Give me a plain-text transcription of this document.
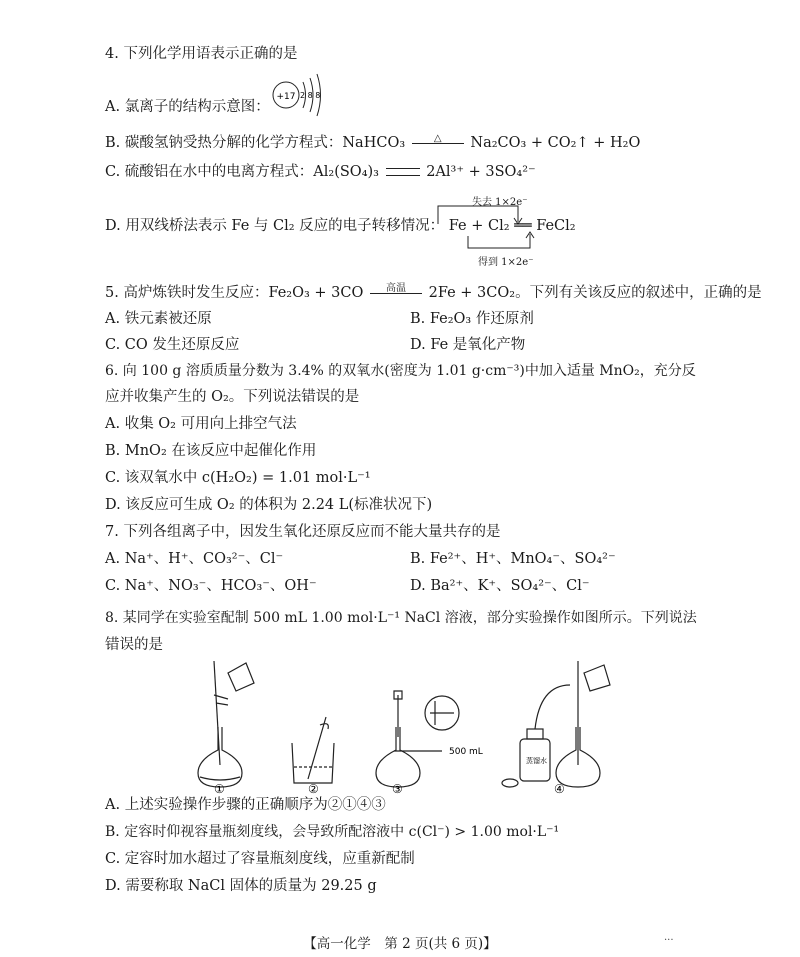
4. 下列化学用语表示正确的是
A. 氯离子的结构示意图：
+17 2 8 8
B. 碳酸氢钠受热分解的化学方程式：NaHCO₃	△	Na₂CO₃ + CO₂↑ + H₂O
C. 硫酸铝在水中的电离方程式：Al₂(SO₄)₃	2Al³⁺ + 3SO₄²⁻
失去 1×2e⁻
D. 用双线桥法表示 Fe 与 Cl₂ 反应的电子转移情况： Fe + Cl₂ ══ FeCl₂
得到 1×2e⁻
5. 高炉炼铁时发生反应：Fe₂O₃ + 3CO	高温	2Fe + 3CO₂。下列有关该反应的叙述中，正确的是
A. 铁元素被还原	B. Fe₂O₃ 作还原剂
C. CO 发生还原反应	D. Fe 是氧化产物
6. 向 100 g 溶质质量分数为 3.4% 的双氧水(密度为 1.01 g·cm⁻³)中加入适量 MnO₂，充分反
应并收集产生的 O₂。下列说法错误的是
A. 收集 O₂ 可用向上排空气法
B. MnO₂ 在该反应中起催化作用
C. 该双氧水中 c(H₂O₂) = 1.01 mol·L⁻¹
D. 该反应可生成 O₂ 的体积为 2.24 L(标准状况下)
7. 下列各组离子中，因发生氧化还原反应而不能大量共存的是
A. Na⁺、H⁺、CO₃²⁻、Cl⁻	B. Fe²⁺、H⁺、MnO₄⁻、SO₄²⁻
C. Na⁺、NO₃⁻、HCO₃⁻、OH⁻	D. Ba²⁺、K⁺、SO₄²⁻、Cl⁻
8. 某同学在实验室配制 500 mL 1.00 mol·L⁻¹ NaCl 溶液，部分实验操作如图所示。下列说法
错误的是
500 mL
蒸馏水
①	②	③	④
A. 上述实验操作步骤的正确顺序为②①④③
B. 定容时仰视容量瓶刻度线，会导致所配溶液中 c(Cl⁻) > 1.00 mol·L⁻¹
C. 定容时加水超过了容量瓶刻度线，应重新配制
D. 需要称取 NaCl 固体的质量为 29.25 g
【高一化学　第 2 页(共 6 页)】	...
